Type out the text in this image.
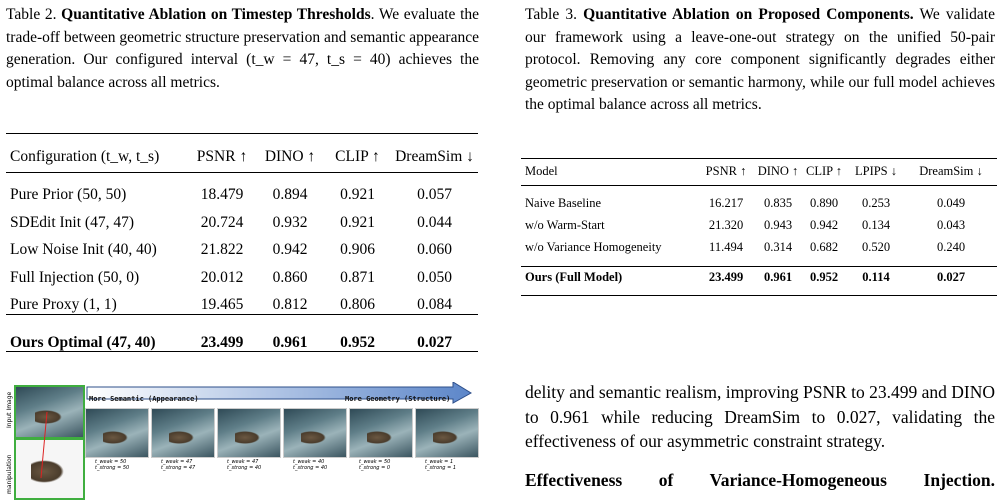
Table 2. Quantitative Ablation on Timestep Thresholds. We evaluate the trade-off between geometric structure preservation and semantic appearance generation. Our configured interval (t_w = 47, t_s = 40) achieves the optimal balance across all metrics.
Configuration (t_w, t_s)	PSNR ↑	DINO ↑	CLIP ↑	DreamSim ↓

Pure Prior (50, 50)	18.479	0.894	0.921	0.057
SDEdit Init (47, 47)	20.724	0.932	0.921	0.044
Low Noise Init (40, 40)	21.822	0.942	0.906	0.060
Full Injection (50, 0)	20.012	0.860	0.871	0.050
Pure Proxy (1, 1)	19.465	0.812	0.806	0.084

Ours Optimal (47, 40)	23.499	0.961	0.952	0.027
Table 3. Quantitative Ablation on Proposed Components. We validate our framework using a leave-one-out strategy on the unified 50-pair protocol. Removing any core component significantly degrades either geometric preservation or semantic harmony, while our full model achieves the optimal balance across all metrics.
Model	PSNR ↑	DINO ↑	CLIP ↑	LPIPS ↓	DreamSim ↓

Naive Baseline	16.217	0.835	0.890	0.253	0.049
w/o Warm-Start	21.320	0.943	0.942	0.134	0.043
w/o Variance Homogeneity	11.494	0.314	0.682	0.520	0.240

Ours (Full Model)	23.499	0.961	0.952	0.114	0.027
Input Image
manipulation
More Semantic (Appearance)	More Geometry (Structure)
t_weak = 50
t_strong = 50
t_weak = 47
t_strong = 47
t_weak = 47
t_strong = 40
t_weak = 40
t_strong = 40
t_weak = 50
t_strong = 0
t_weak = 1
t_strong = 1
delity and semantic realism, improving PSNR to 23.499 and DINO to 0.961 while reducing DreamSim to 0.027, validating the effectiveness of our asymmetric constraint strategy.
Effectiveness of Variance-Homogeneous Injection.
